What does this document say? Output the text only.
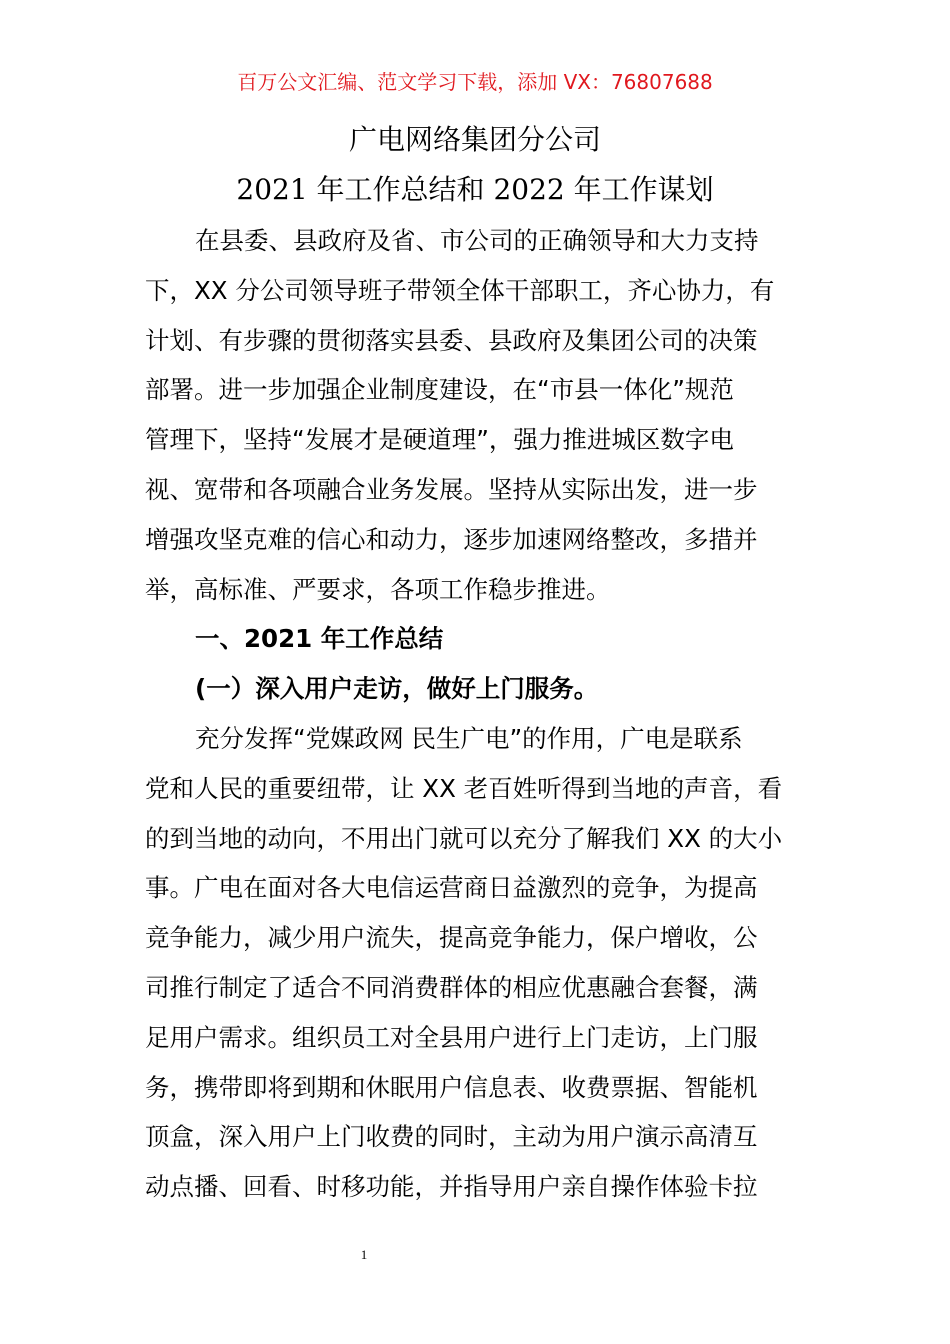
百万公文汇编、范文学习下载，添加 VX：76807688
广电网络集团分公司
2021 年工作总结和 2022 年工作谋划
在县委、县政府及省、市公司的正确领导和大力支持
下，XX 分公司领导班子带领全体干部职工，齐心协力，有
计划、有步骤的贯彻落实县委、县政府及集团公司的决策
部署。进一步加强企业制度建设，在“市县一体化”规范
管理下，坚持“发展才是硬道理”，强力推进城区数字电
视、宽带和各项融合业务发展。坚持从实际出发，进一步
增强攻坚克难的信心和动力，逐步加速网络整改，多措并
举，高标准、严要求，各项工作稳步推进。
一、2021 年工作总结
(一）深入用户走访，做好上门服务。
充分发挥“党媒政网 民生广电”的作用，广电是联系
党和人民的重要纽带，让 XX 老百姓听得到当地的声音，看
的到当地的动向，不用出门就可以充分了解我们 XX 的大小
事。广电在面对各大电信运营商日益激烈的竞争，为提高
竞争能力，减少用户流失，提高竞争能力，保户增收，公
司推行制定了适合不同消费群体的相应优惠融合套餐，满
足用户需求。组织员工对全县用户进行上门走访，上门服
务，携带即将到期和休眠用户信息表、收费票据、智能机
顶盒，深入用户上门收费的同时，主动为用户演示高清互
动点播、回看、时移功能，并指导用户亲自操作体验卡拉
1
